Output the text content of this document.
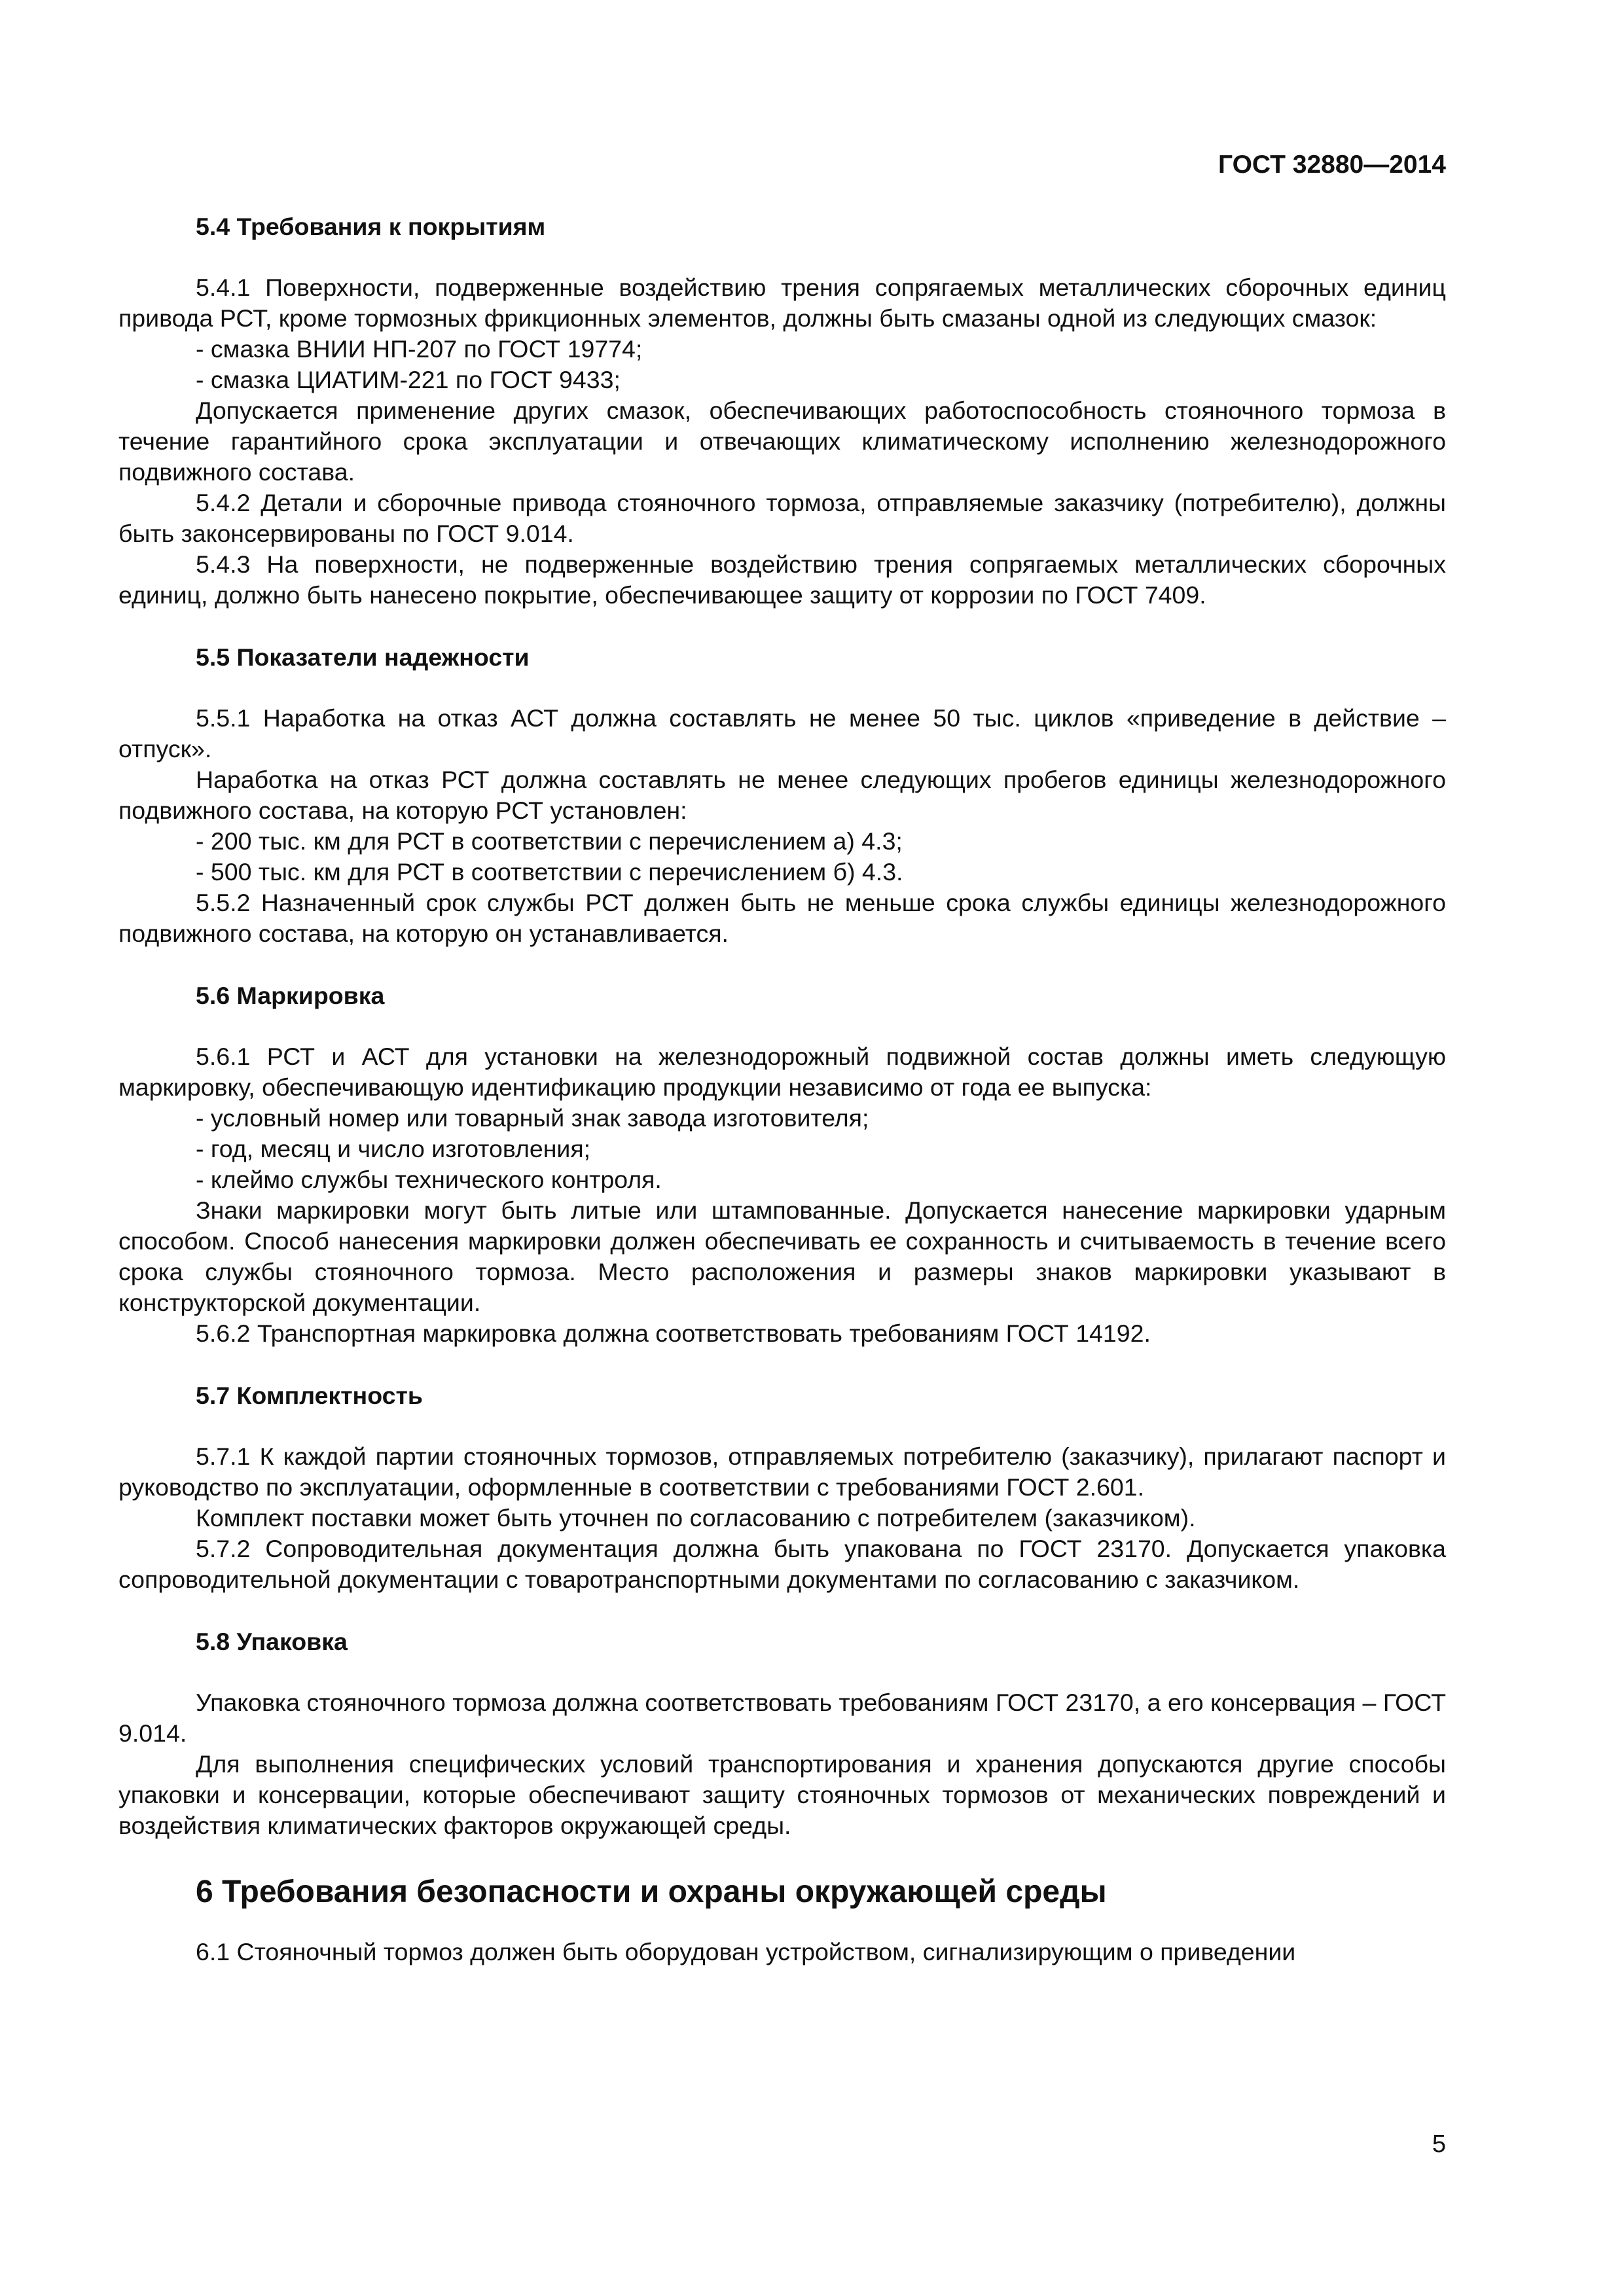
ГОСТ 32880—2014
5.4 Требования к покрытиям

5.4.1 Поверхности, подверженные воздействию трения сопрягаемых металлических сборочных единиц привода РСТ, кроме тормозных фрикционных элементов, должны быть смазаны одной из следующих смазок:

- смазка ВНИИ НП-207 по ГОСТ 19774;

- смазка ЦИАТИМ-221 по ГОСТ 9433;

Допускается применение других смазок, обеспечивающих работоспособность стояночного тормоза в течение гарантийного срока эксплуатации и отвечающих климатическому исполнению железнодорожного подвижного состава.

5.4.2 Детали и сборочные привода стояночного тормоза, отправляемые заказчику (потребителю), должны быть законсервированы по ГОСТ 9.014.

5.4.3 На поверхности, не подверженные воздействию трения сопрягаемых металлических сборочных единиц, должно быть нанесено покрытие, обеспечивающее защиту от коррозии по ГОСТ 7409.

5.5 Показатели надежности

5.5.1 Наработка на отказ АСТ должна составлять не менее 50 тыс. циклов «приведение в действие – отпуск».

Наработка на отказ РСТ должна составлять не менее следующих пробегов единицы железнодорожного подвижного состава, на которую РСТ установлен:

- 200 тыс. км для РСТ в соответствии с перечислением а) 4.3;

- 500 тыс. км для РСТ в соответствии с перечислением б) 4.3.

5.5.2 Назначенный срок службы РСТ должен быть не меньше срока службы единицы железнодорожного подвижного состава, на которую он устанавливается.

5.6 Маркировка

5.6.1 РСТ и АСТ для установки на железнодорожный подвижной состав должны иметь следующую маркировку, обеспечивающую идентификацию продукции независимо от года ее выпуска:

- условный номер или товарный знак завода изготовителя;

- год, месяц и число изготовления;

- клеймо службы технического контроля.

Знаки маркировки могут быть литые или штампованные. Допускается нанесение маркировки ударным способом. Способ нанесения маркировки должен обеспечивать ее сохранность и считываемость в течение всего срока службы стояночного тормоза. Место расположения и размеры знаков маркировки указывают в конструкторской документации.

5.6.2 Транспортная маркировка должна соответствовать требованиям ГОСТ 14192.

5.7 Комплектность

5.7.1 К каждой партии стояночных тормозов, отправляемых потребителю (заказчику), прилагают паспорт и руководство по эксплуатации, оформленные в соответствии с требованиями ГОСТ 2.601.

Комплект поставки может быть уточнен по согласованию с потребителем (заказчиком).

5.7.2 Сопроводительная документация должна быть упакована по ГОСТ 23170. Допускается упаковка сопроводительной документации с товаротранспортными документами по согласованию с заказчиком.

5.8 Упаковка

Упаковка стояночного тормоза должна соответствовать требованиям ГОСТ 23170, а его консервация – ГОСТ 9.014.

Для выполнения специфических условий транспортирования и хранения допускаются другие способы упаковки и консервации, которые обеспечивают защиту стояночных тормозов от механических повреждений и воздействия климатических факторов окружающей среды.

6 Требования безопасности и охраны окружающей среды

6.1 Стояночный тормоз должен быть оборудован устройством, сигнализирующим о приведении

5
